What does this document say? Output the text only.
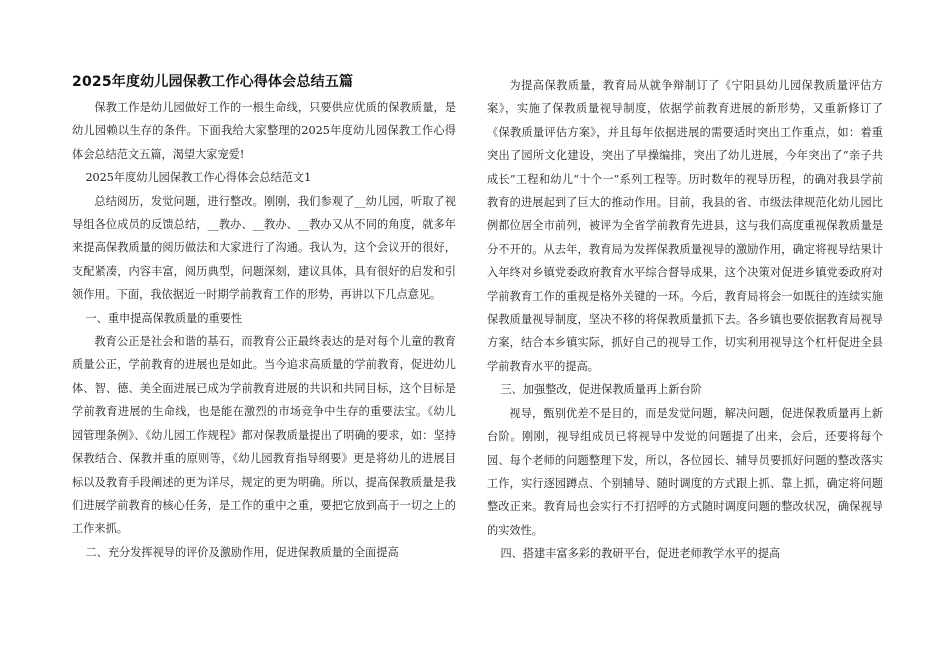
2025年度幼儿园保教工作心得体会总结五篇

保教工作是幼儿园做好工作的一根生命线，只要供应优质的保教质量，是幼儿园赖以生存的条件。下面我给大家整理的2025年度幼儿园保教工作心得体会总结范文五篇，渴望大家宠爱!

2025年度幼儿园保教工作心得体会总结范文1

总结阅历，发觉问题，进行整改。刚刚，我们参观了__幼儿园，听取了视导组各位成员的反馈总结，__教办、__教办、__教办又从不同的角度，就多年来提高保教质量的阅历做法和大家进行了沟通。我认为，这个会议开的很好，支配紧凑，内容丰富，阅历典型，问题深刻，建议具体，具有很好的启发和引领作用。下面，我依据近一时期学前教育工作的形势，再讲以下几点意见。

一、重申提高保教质量的重要性

教育公正是社会和谐的基石，而教育公正最终表达的是对每个儿童的教育质量公正，学前教育的进展也是如此。当今追求高质量的学前教育，促进幼儿体、智、德、美全面进展已成为学前教育进展的共识和共同目标，这个目标是学前教育进展的生命线，也是能在激烈的市场竞争中生存的重要法宝。《幼儿园管理条例》、《幼儿园工作规程》都对保教质量提出了明确的要求，如：坚持保教结合、保教并重的原则等，《幼儿园教育指导纲要》更是将幼儿的进展目标以及教育手段阐述的更为详尽，规定的更为明确。所以，提高保教质量是我们进展学前教育的核心任务，是工作的重中之重，要把它放到高于一切之上的工作来抓。

二、充分发挥视导的评价及激励作用，促进保教质量的全面提高

为提高保教质量，教育局从就争辩制订了《宁阳县幼儿园保教质量评估方案》，实施了保教质量视导制度，依据学前教育进展的新形势，又重新修订了《保教质量评估方案》，并且每年依据进展的需要适时突出工作重点，如：着重突出了园所文化建设，突出了早操编排，突出了幼儿进展，今年突出了“亲子共成长”工程和幼儿“十个一”系列工程等。历时数年的视导历程，的确对我县学前教育的进展起到了巨大的推动作用。目前，我县的省、市级法律规范化幼儿园比例都位居全市前列，被评为全省学前教育先进县，这与我们高度重视保教质量是分不开的。从去年，教育局为发挥保教质量视导的激励作用，确定将视导结果计入年终对乡镇党委政府教育水平综合督导成果，这个决策对促进乡镇党委政府对学前教育工作的重视是格外关键的一环。今后，教育局将会一如既往的连续实施保教质量视导制度，坚决不移的将保教质量抓下去。各乡镇也要依据教育局视导方案，结合本乡镇实际，抓好自己的视导工作，切实利用视导这个杠杆促进全县学前教育水平的提高。

三、加强整改，促进保教质量再上新台阶

视导，甄别优差不是目的，而是发觉问题，解决问题，促进保教质量再上新台阶。刚刚，视导组成员已将视导中发觉的问题提了出来，会后，还要将每个园、每个老师的问题整理下发，所以，各位园长、辅导员要抓好问题的整改落实工作，实行逐园蹲点、个别辅导、随时调度的方式跟上抓、靠上抓，确定将问题整改正来。教育局也会实行不打招呼的方式随时调度问题的整改状况，确保视导的实效性。

四、搭建丰富多彩的教研平台，促进老师教学水平的提高
